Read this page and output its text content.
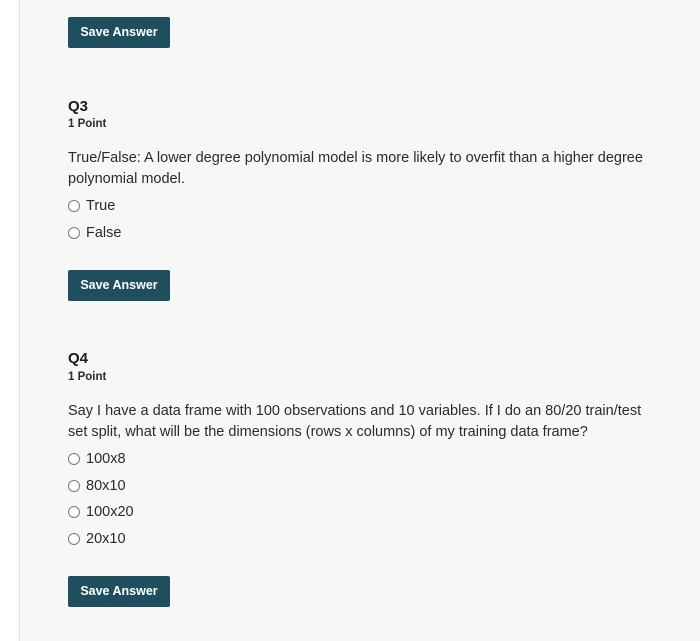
Save Answer
Q3
1 Point

True/False: A lower degree polynomial model is more likely to overfit than a higher degree polynomial model.

True
False
Save Answer
Q4
1 Point

Say I have a data frame with 100 observations and 10 variables. If I do an 80/20 train/test set split, what will be the dimensions (rows x columns) of my training data frame?

100x8
80x10
100x20
20x10
Save Answer
